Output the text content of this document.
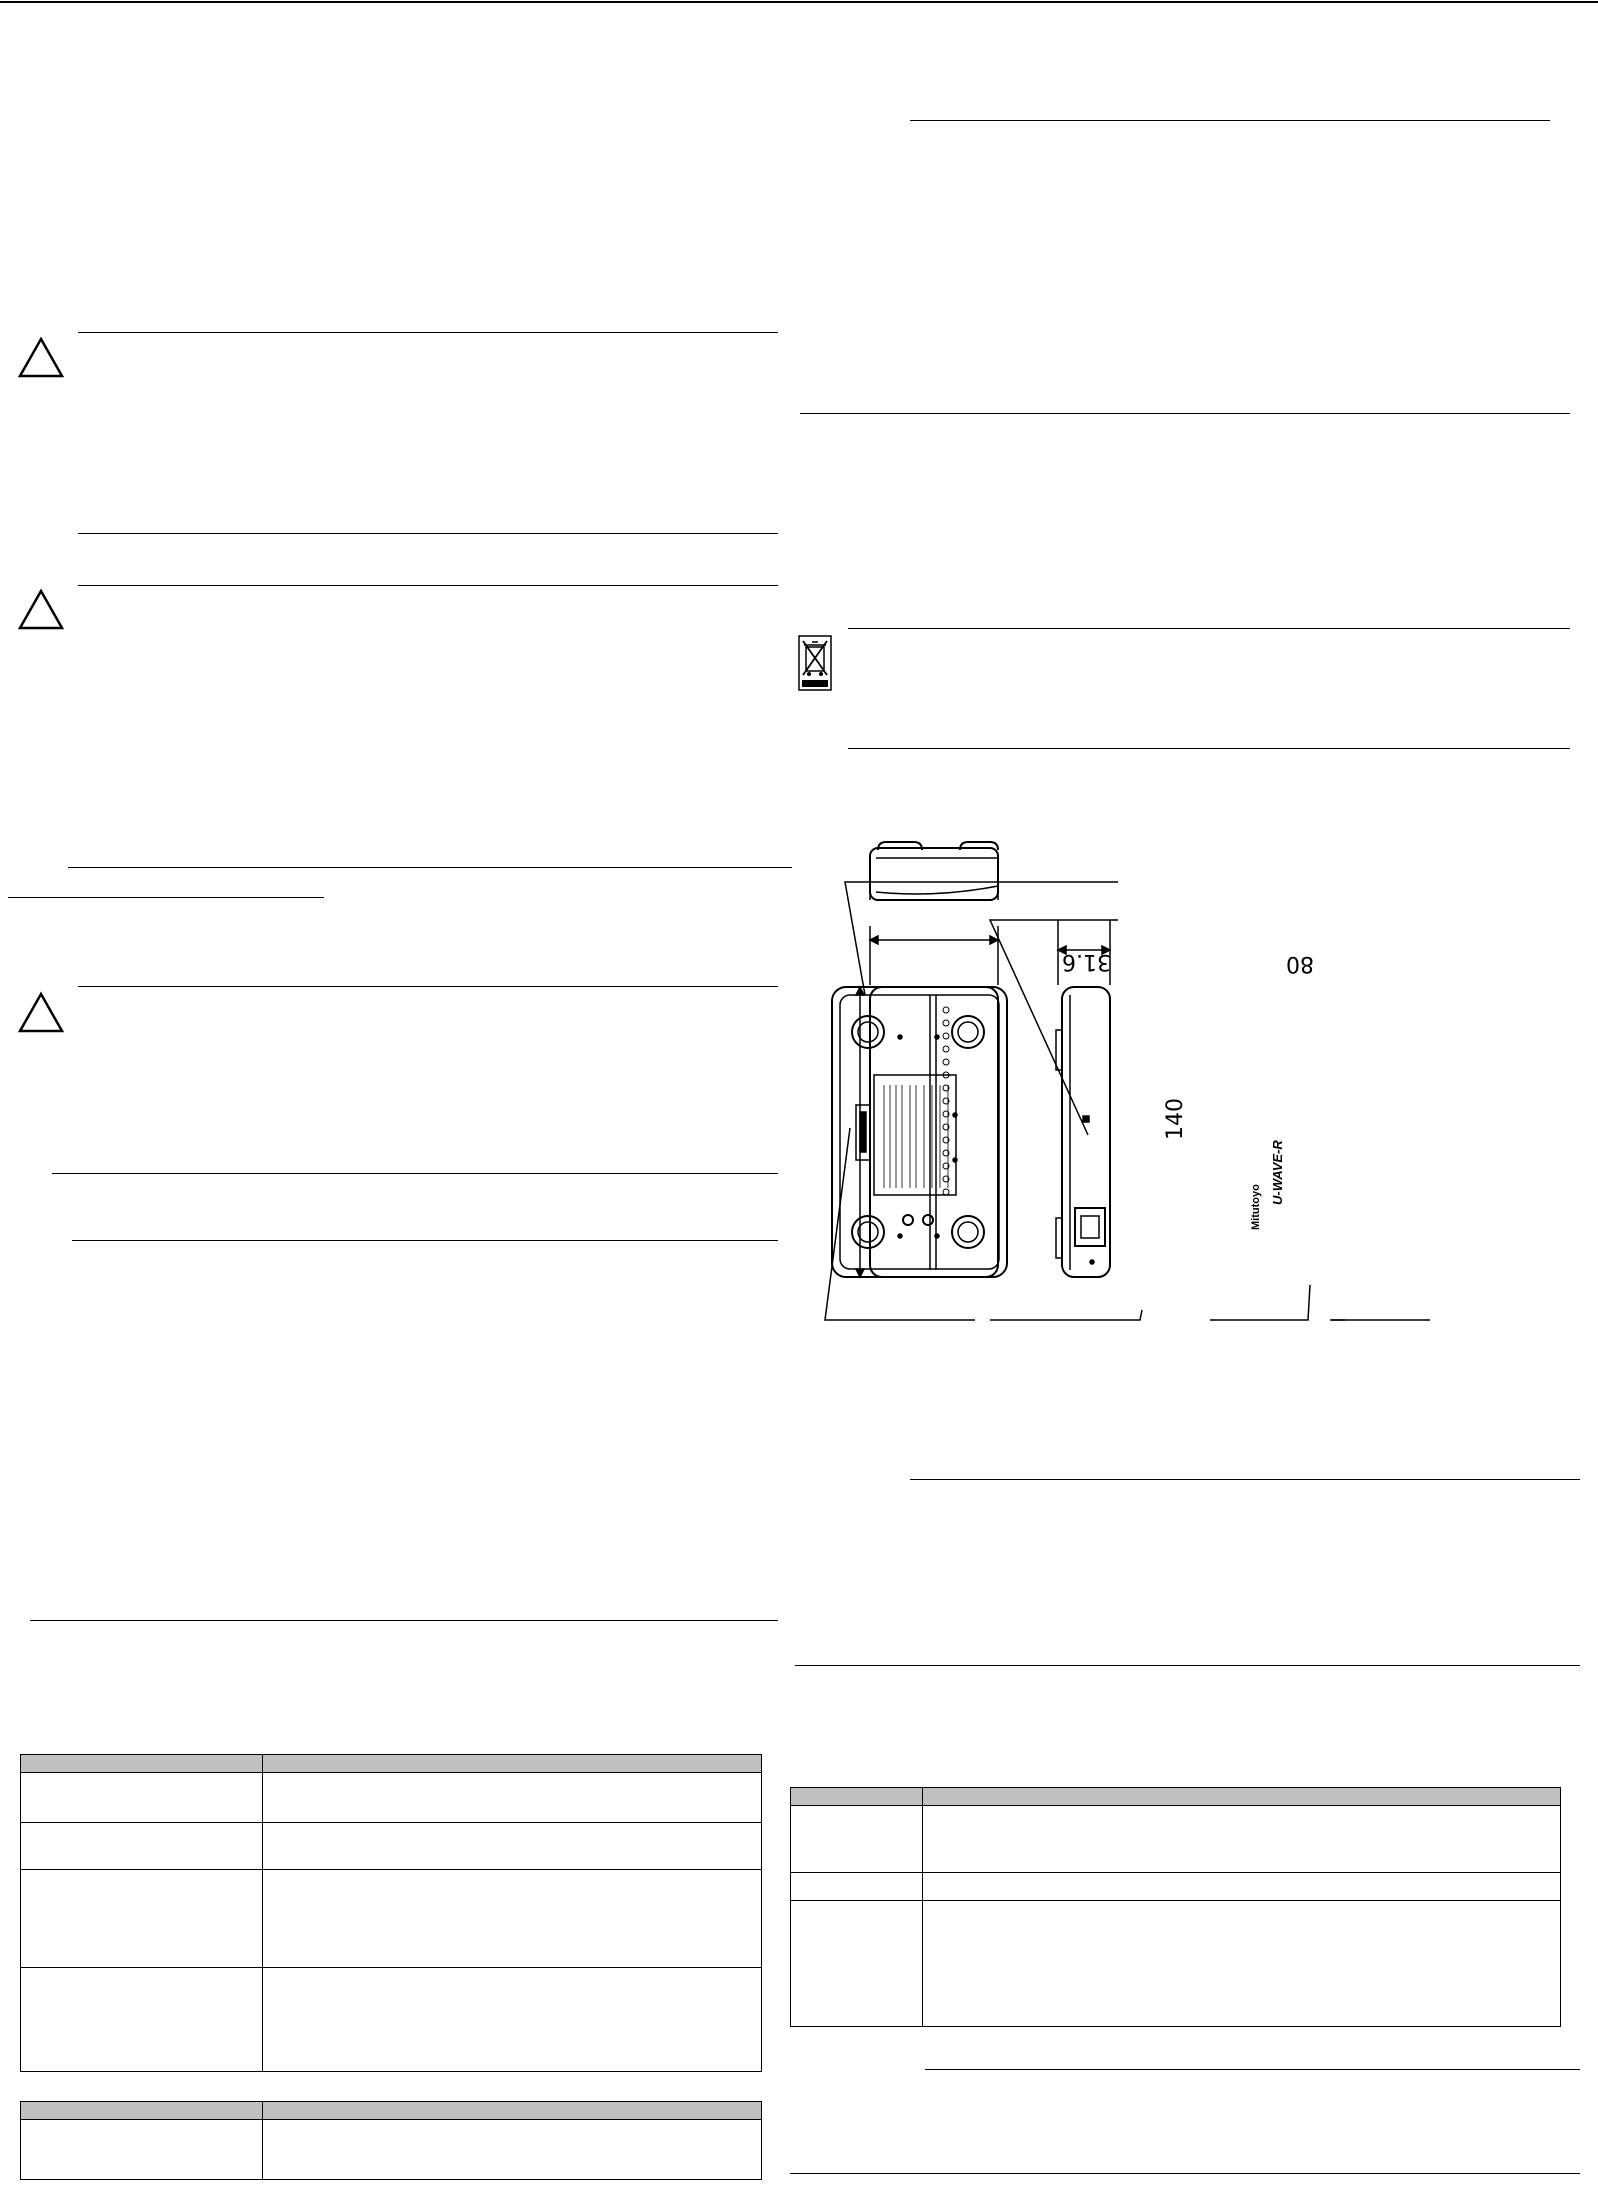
31.6	80
140
Mitutoyo
U-WAVE-R
